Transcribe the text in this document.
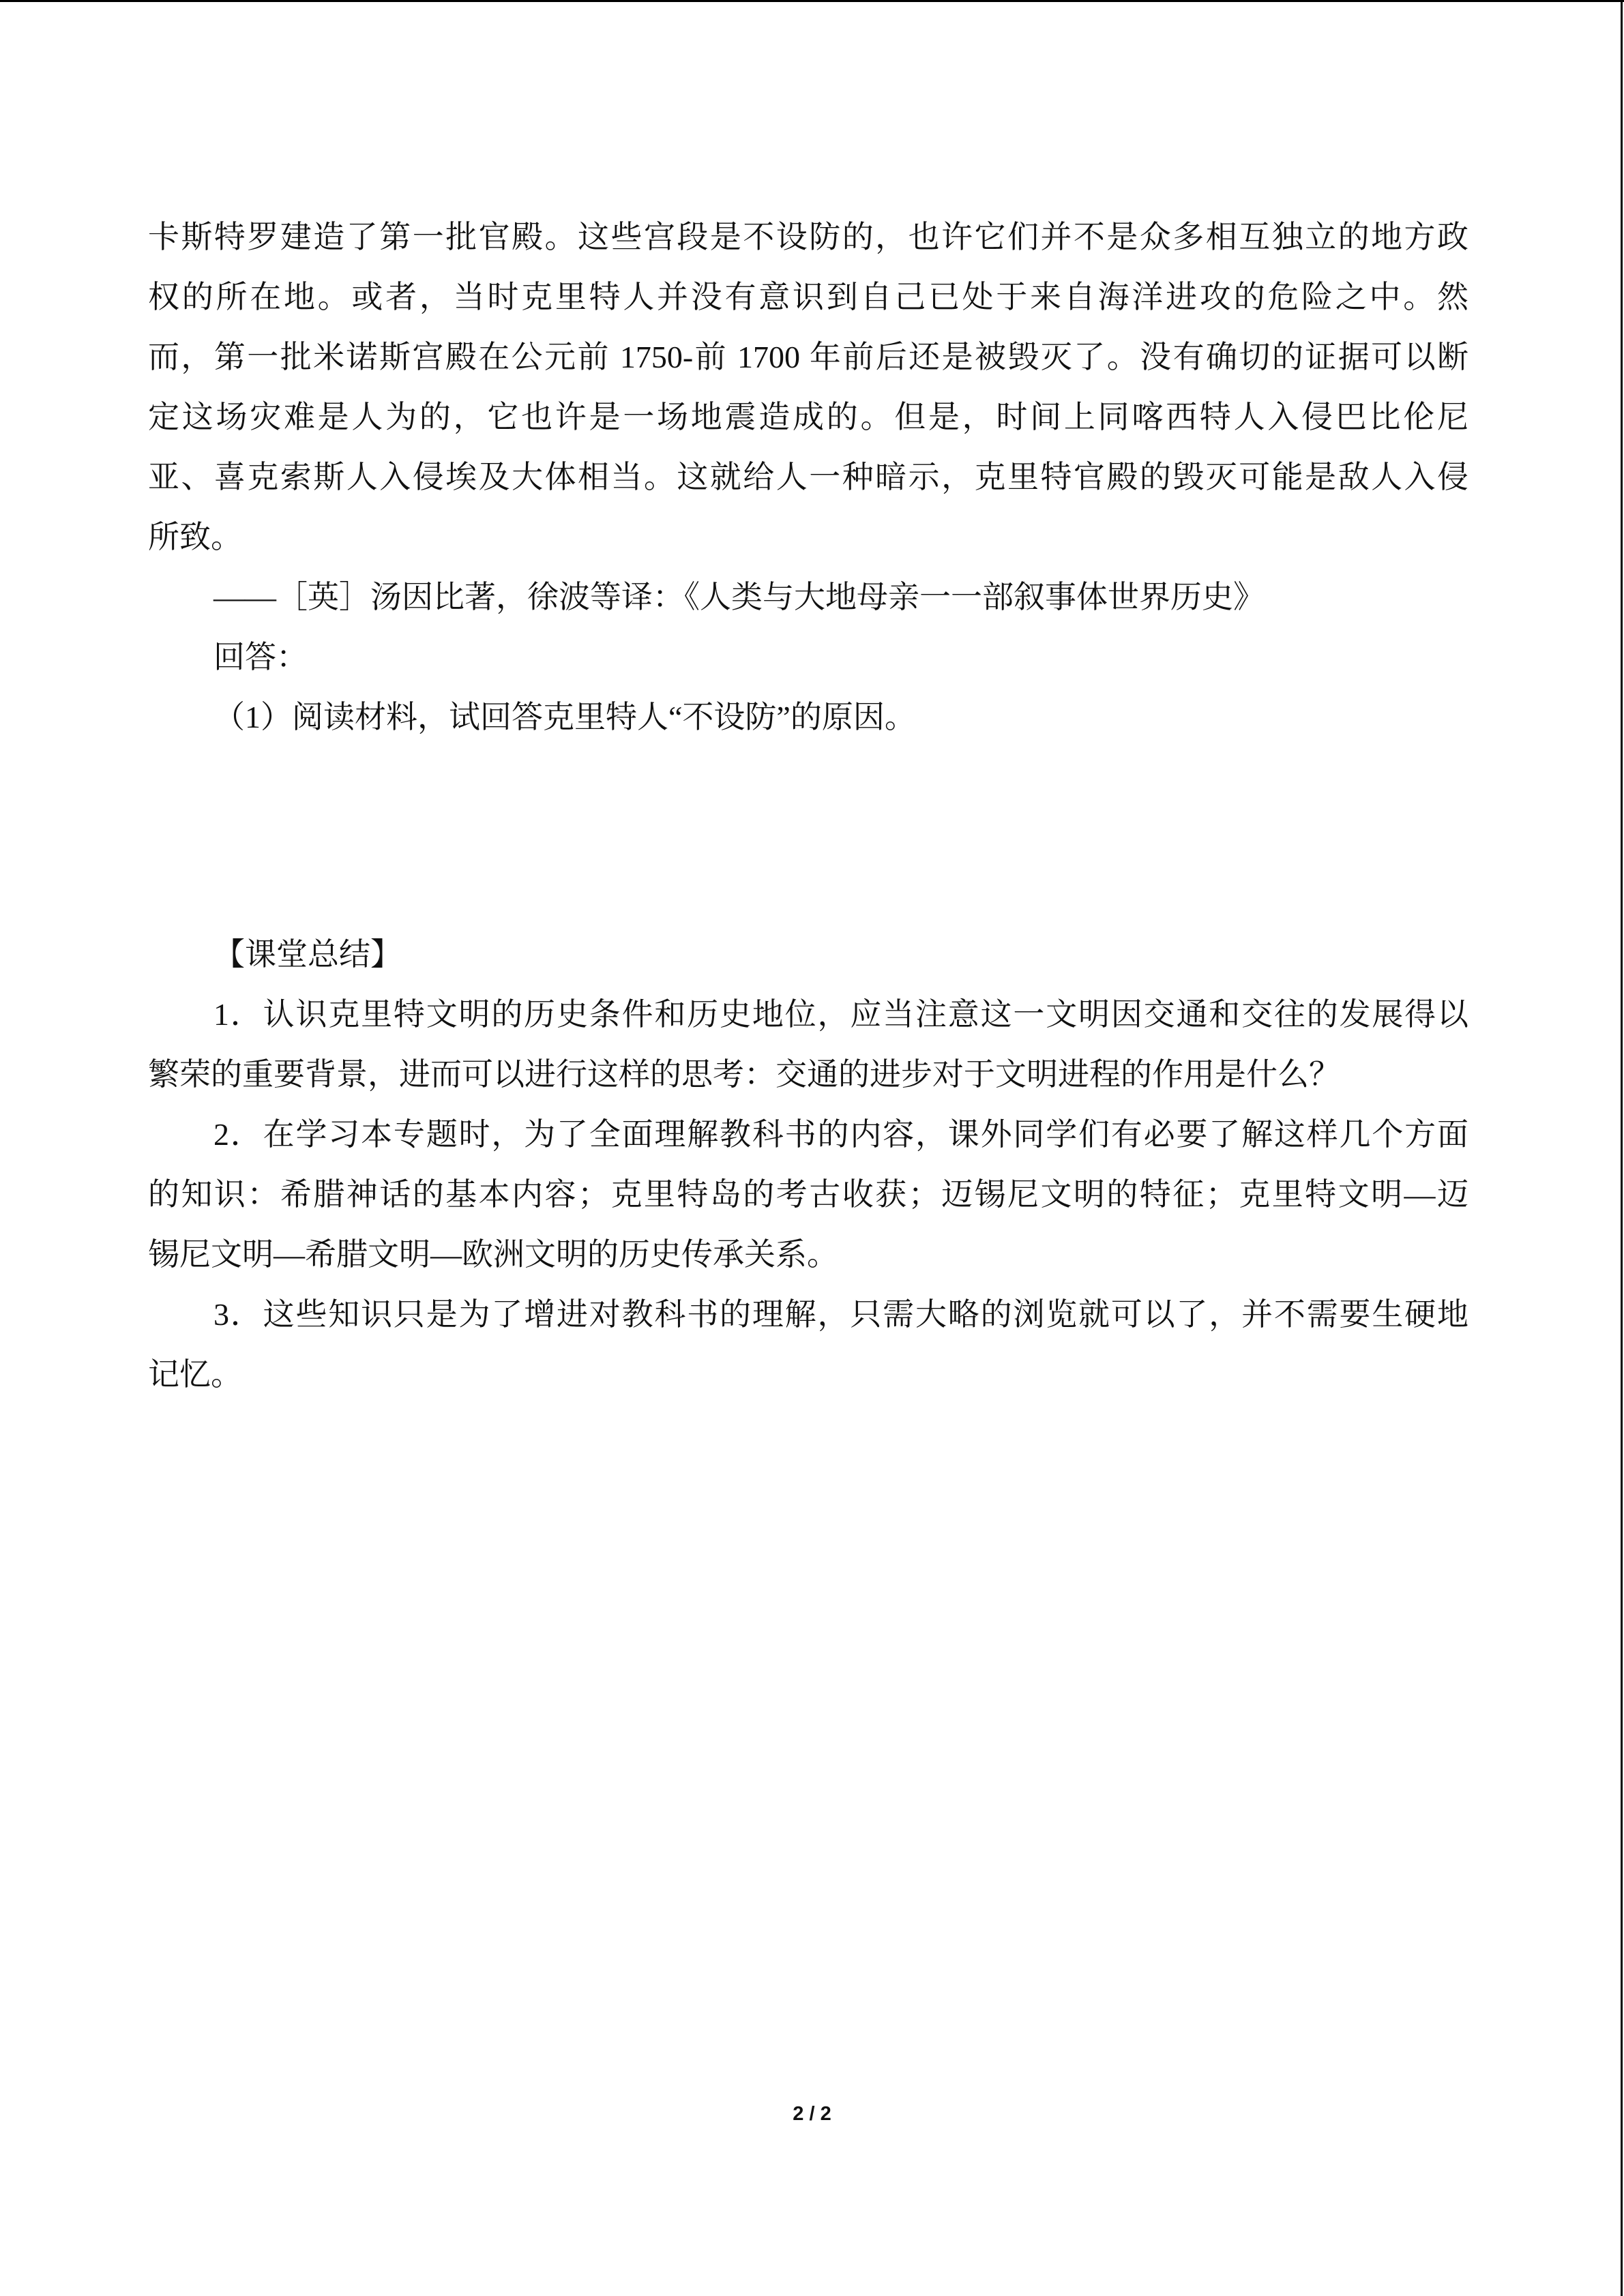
卡斯特罗建造了第一批官殿。这些宫段是不设防的，也许它们并不是众多相互独立的地方政
权的所在地。或者，当时克里特人并没有意识到自己已处于来自海洋进攻的危险之中。然
而，第一批米诺斯宫殿在公元前 1750-前 1700 年前后还是被毁灭了。没有确切的证据可以断
定这场灾难是人为的，它也许是一场地震造成的。但是，时间上同喀西特人入侵巴比伦尼
亚、喜克索斯人入侵埃及大体相当。这就给人一种暗示，克里特官殿的毁灭可能是敌人入侵
所致。
——［英］汤因比著，徐波等译：《人类与大地母亲一一部叙事体世界历史》
回答：
（1）阅读材料，试回答克里特人“不设防”的原因。
【课堂总结】
1．认识克里特文明的历史条件和历史地位，应当注意这一文明因交通和交往的发展得以
繁荣的重要背景，进而可以进行这样的思考：交通的进步对于文明进程的作用是什么？
2．在学习本专题时，为了全面理解教科书的内容，课外同学们有必要了解这样几个方面
的知识：希腊神话的基本内容；克里特岛的考古收获；迈锡尼文明的特征；克里特文明—迈
锡尼文明—希腊文明—欧洲文明的历史传承关系。
3．这些知识只是为了增进对教科书的理解，只需大略的浏览就可以了，并不需要生硬地
记忆。
2 / 2
